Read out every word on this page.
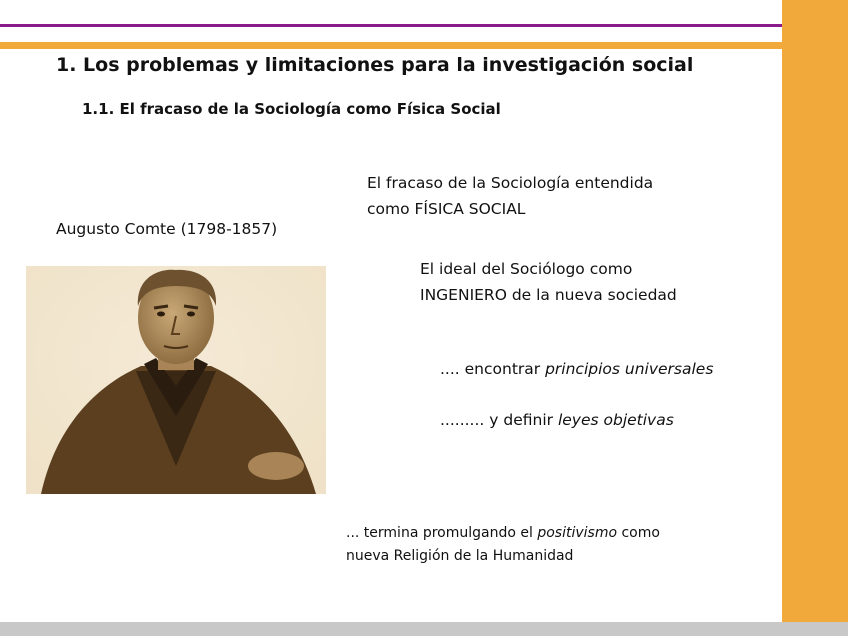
1. Los problemas y limitaciones para la investigación social
1.1. El fracaso de la Sociología como Física Social
Augusto Comte (1798-1857)
El fracaso de la Sociología entendida
como FÍSICA SOCIAL
El ideal del Sociólogo como
INGENIERO de la nueva sociedad
.... encontrar principios universales
......... y definir leyes objetivas
... termina promulgando el positivismo como
nueva Religión de la Humanidad
